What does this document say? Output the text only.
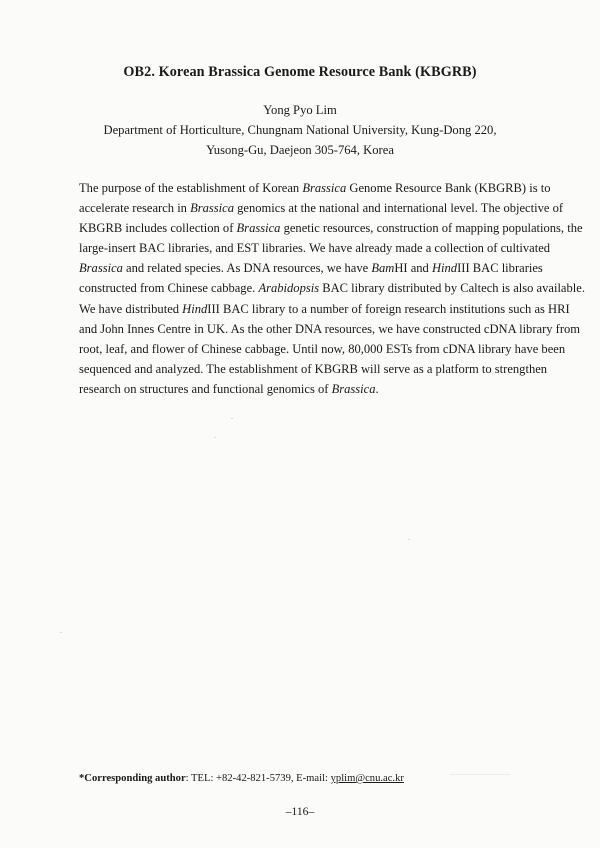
OB2. Korean Brassica Genome Resource Bank (KBGRB)
Yong Pyo Lim
Department of Horticulture, Chungnam National University, Kung-Dong 220,
Yusong-Gu, Daejeon 305-764, Korea
The purpose of the establishment of Korean Brassica Genome Resource Bank (KBGRB) is to
accelerate research in Brassica genomics at the national and international level. The objective of
KBGRB includes collection of Brassica genetic resources, construction of mapping populations, the
large-insert BAC libraries, and EST libraries. We have already made a collection of cultivated
Brassica and related species. As DNA resources, we have BamHI and HindIII BAC libraries
constructed from Chinese cabbage. Arabidopsis BAC library distributed by Caltech is also available.
We have distributed HindIII BAC library to a number of foreign research institutions such as HRI
and John Innes Centre in UK. As the other DNA resources, we have constructed cDNA library from
root, leaf, and flower of Chinese cabbage. Until now, 80,000 ESTs from cDNA library have been
sequenced and analyzed. The establishment of KBGRB will serve as a platform to strengthen
research on structures and functional genomics of Brassica.
*Corresponding author: TEL: +82-42-821-5739, E-mail: yplim@cnu.ac.kr
–116–
